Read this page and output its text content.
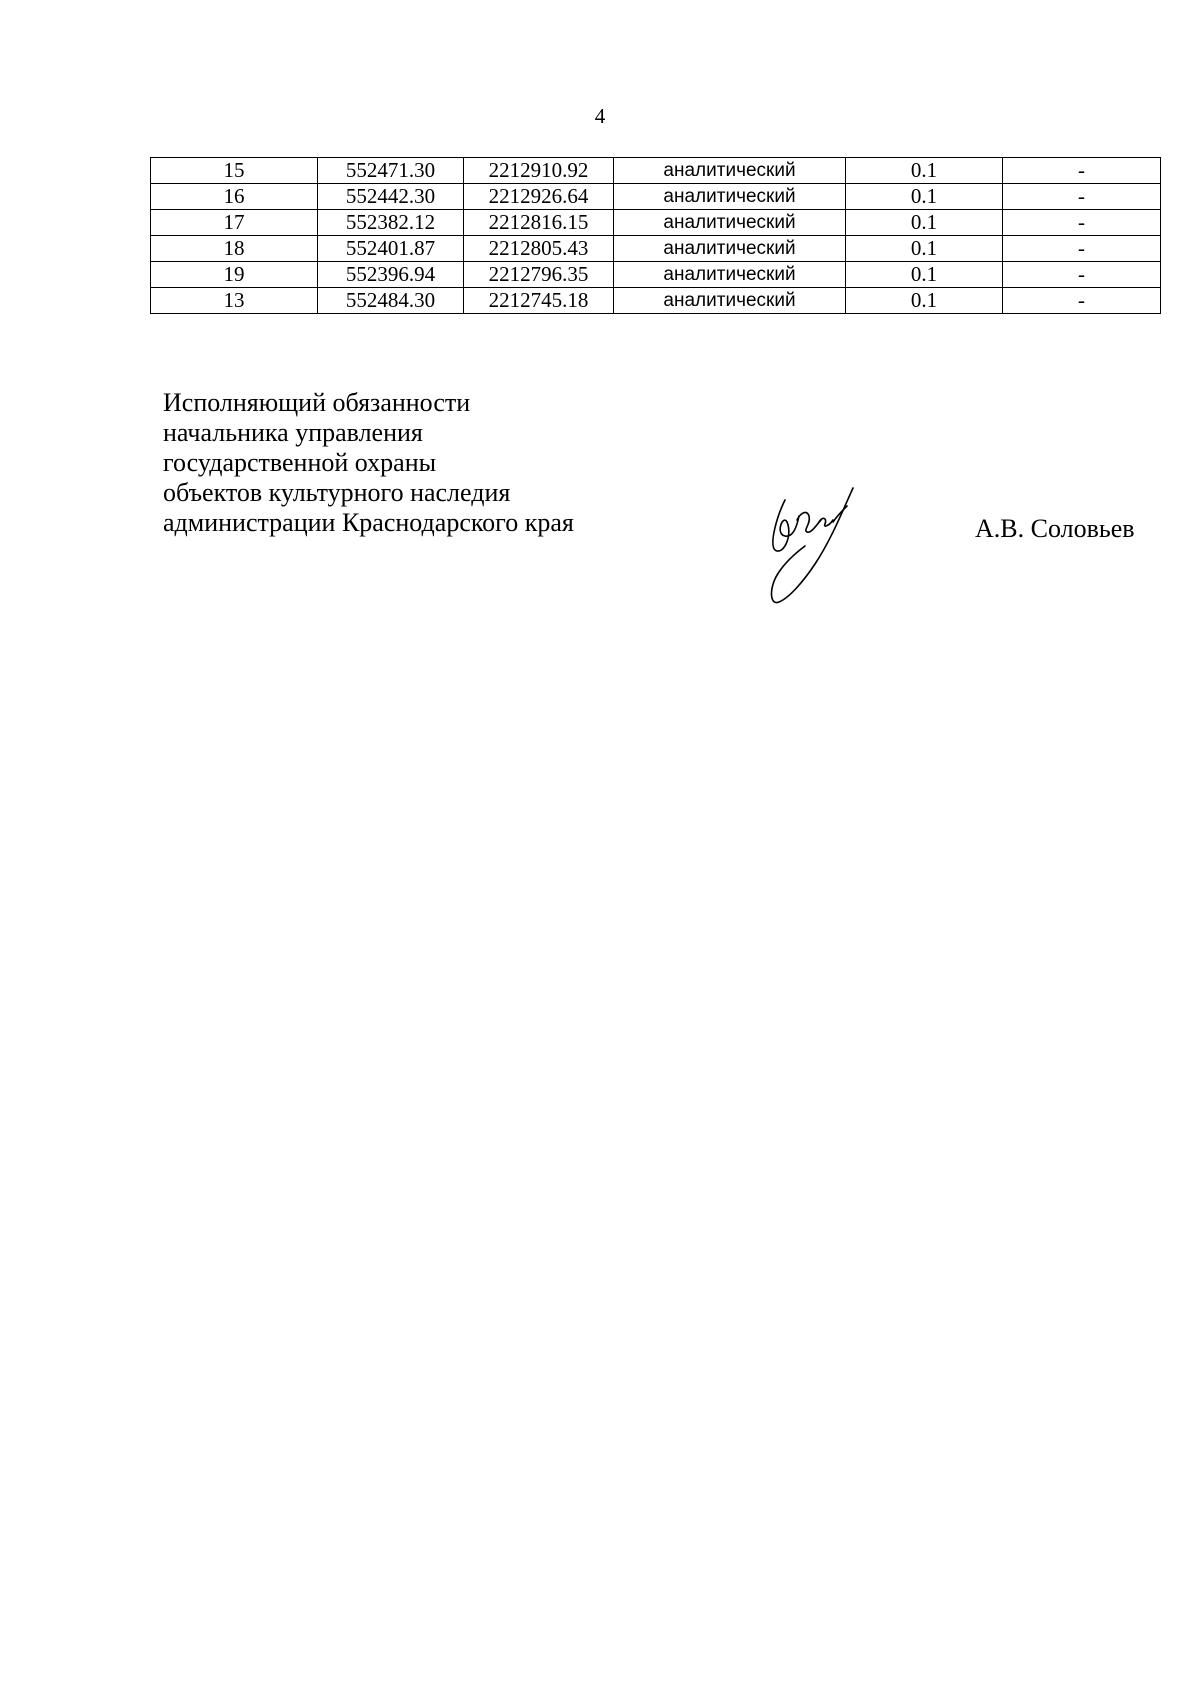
4
15	552471.30	2212910.92	аналитический	0.1	-
16	552442.30	2212926.64	аналитический	0.1	-
17	552382.12	2212816.15	аналитический	0.1	-
18	552401.87	2212805.43	аналитический	0.1	-
19	552396.94	2212796.35	аналитический	0.1	-
13	552484.30	2212745.18	аналитический	0.1	-
Исполняющий обязанности
начальника управления
государственной охраны
объектов культурного наследия
администрации Краснодарского края	А.В. Соловьев
